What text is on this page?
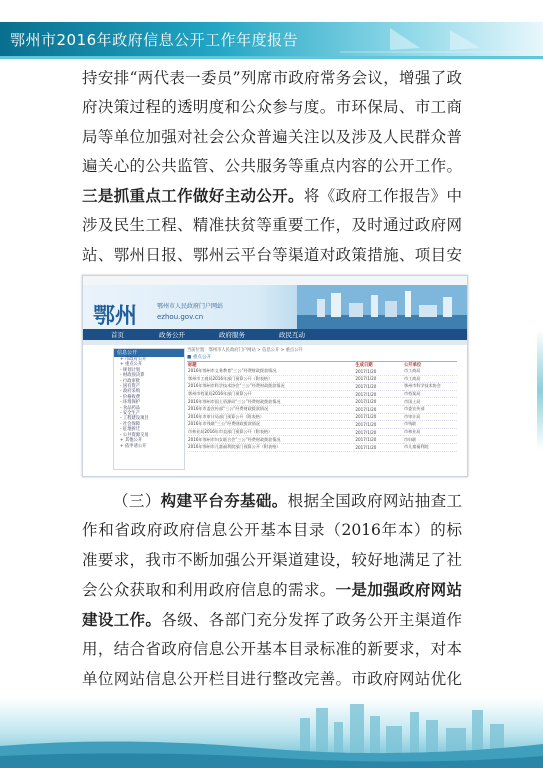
鄂州市2016年政府信息公开工作年度报告
持安排“两代表一委员”列席市政府常务会议，增强了政府决策过程的透明度和公众参与度。市环保局、市工商局等单位加强对社会公众普遍关注以及涉及人民群众普遍关心的公共监管、公共服务等重点内容的公开工作。三是抓重点工作做好主动公开。将《政府工作报告》中涉及民生工程、精准扶贫等重要工作，及时通过政府网站、鄂州日报、鄂州云平台等渠道对政策措施、项目安
鄂州	鄂州市人民政府门户网站
ezhou.gov.cn
首页	政务公开	政府服务	政民互动
信息公开
+ 市政府公开
+ 重点公开
- 规划计划
- 财政预决算
- 行政审批
- 国有资产
- 政府采购
- 价格收费
- 环境保护
- 食品药品
- 安全生产
- 工程建设项目
- 社会保障
- 征地拆迁
- 公共资源交易
+ 其他公开
+ 依申请公开
当前位置：鄂州市人民政府门户网站 > 信息公开 > 重点公开
■ 重点公开
标题	生成日期	公开单位
2016年鄂州市义务教育“三公”经费财政拨款情况	2017/1/20	市工商局
鄂州市工商局2016年部门预算公开（附表格）	2017/1/20	市工商局
2016年鄂州市科学技术协会“三公”经费财政拨款情况	2017/1/20	鄂州市科学技术协会
鄂州市档案局2016年部门预算公开	2017/1/20	市档案局
2016年鄂州市国土资源局“三公”经费财政拨款情况	2017/1/20	市国土局
2016年市委宣传部“三公”经费财政拨款情况	2017/1/20	市委宣传部
2016年市审计局部门预算公开（附表格）	2017/1/20	市审计局
2016年市残联“三公”经费财政拨款情况	2017/1/20	市残联
市林业局2016年市直部门预算公开（附表格）	2017/1/20	市林业局
2016年鄂州市妇女联合会“三公”经费财政拨款情况	2017/1/20	市妇联
2016年鄂州市儿童福利院部门预算公开（附表格）	2017/1/20	市儿童福利院
（三）构建平台夯基础。根据全国政府网站抽查工作和省政府政府信息公开基本目录（2016年本）的标准要求，我市不断加强公开渠道建设，较好地满足了社会公众获取和利用政府信息的需求。一是加强政府网站建设工作。各级、各部门充分发挥了政务公开主渠道作用，结合省政府信息公开基本目录标准的新要求，对本单位网站信息公开栏目进行整改完善。市政府网站优化
